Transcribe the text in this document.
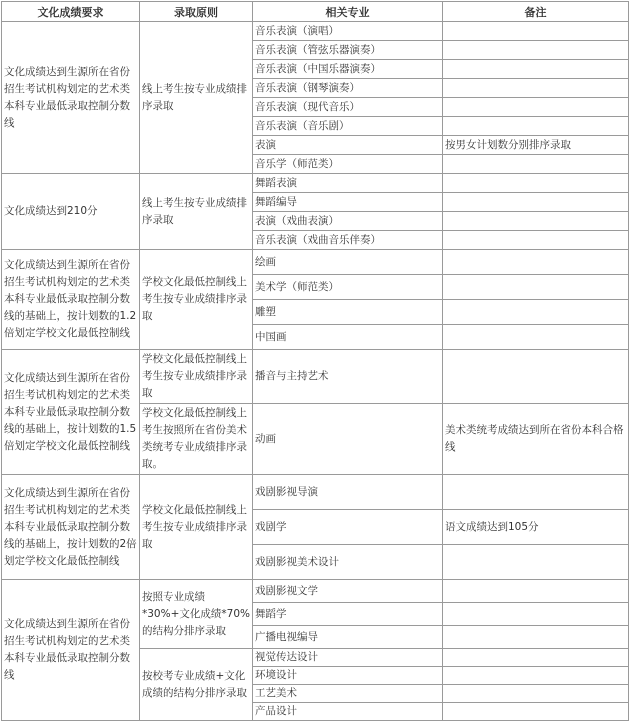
文化成绩要求	录取原则	相关专业	备注
文化成绩达到生源所在省份招生考试机构划定的艺术类本科专业最低录取控制分数线	线上考生按专业成绩排序录取	音乐表演（演唱）	
		音乐表演（管弦乐器演奏）	
		音乐表演（中国乐器演奏）	
		音乐表演（钢琴演奏）	
		音乐表演（现代音乐）	
		音乐表演（音乐剧）	
		表演	按男女计划数分别排序录取
		音乐学（师范类）	
文化成绩达到210分	线上考生按专业成绩排序录取	舞蹈表演	
		舞蹈编导	
		表演（戏曲表演）	
		音乐表演（戏曲音乐伴奏）	
文化成绩达到生源所在省份招生考试机构划定的艺术类本科专业最低录取控制分数线的基础上，按计划数的1.2倍划定学校文化最低控制线	学校文化最低控制线上考生按专业成绩排序录取	绘画	
		美术学（师范类）	
		雕塑	
		中国画	
文化成绩达到生源所在省份招生考试机构划定的艺术类本科专业最低录取控制分数线的基础上，按计划数的1.5倍划定学校文化最低控制线	学校文化最低控制线上考生按专业成绩排序录取	播音与主持艺术	
	学校文化最低控制线上考生按照所在省份美术类统考专业成绩排序录取。	动画	美术类统考成绩达到所在省份本科合格线
文化成绩达到生源所在省份招生考试机构划定的艺术类本科专业最低录取控制分数线的基础上，按计划数的2倍划定学校文化最低控制线	学校文化最低控制线上考生按专业成绩排序录取	戏剧影视导演	
		戏剧学	语文成绩达到105分
		戏剧影视美术设计	
文化成绩达到生源所在省份招生考试机构划定的艺术类本科专业最低录取控制分数线	按照专业成绩*30%+文化成绩*70%的结构分排序录取	戏剧影视文学	
		舞蹈学	
		广播电视编导	
	按校考专业成绩+文化成绩的结构分排序录取	视觉传达设计	
		环境设计	
		工艺美术	
		产品设计	
